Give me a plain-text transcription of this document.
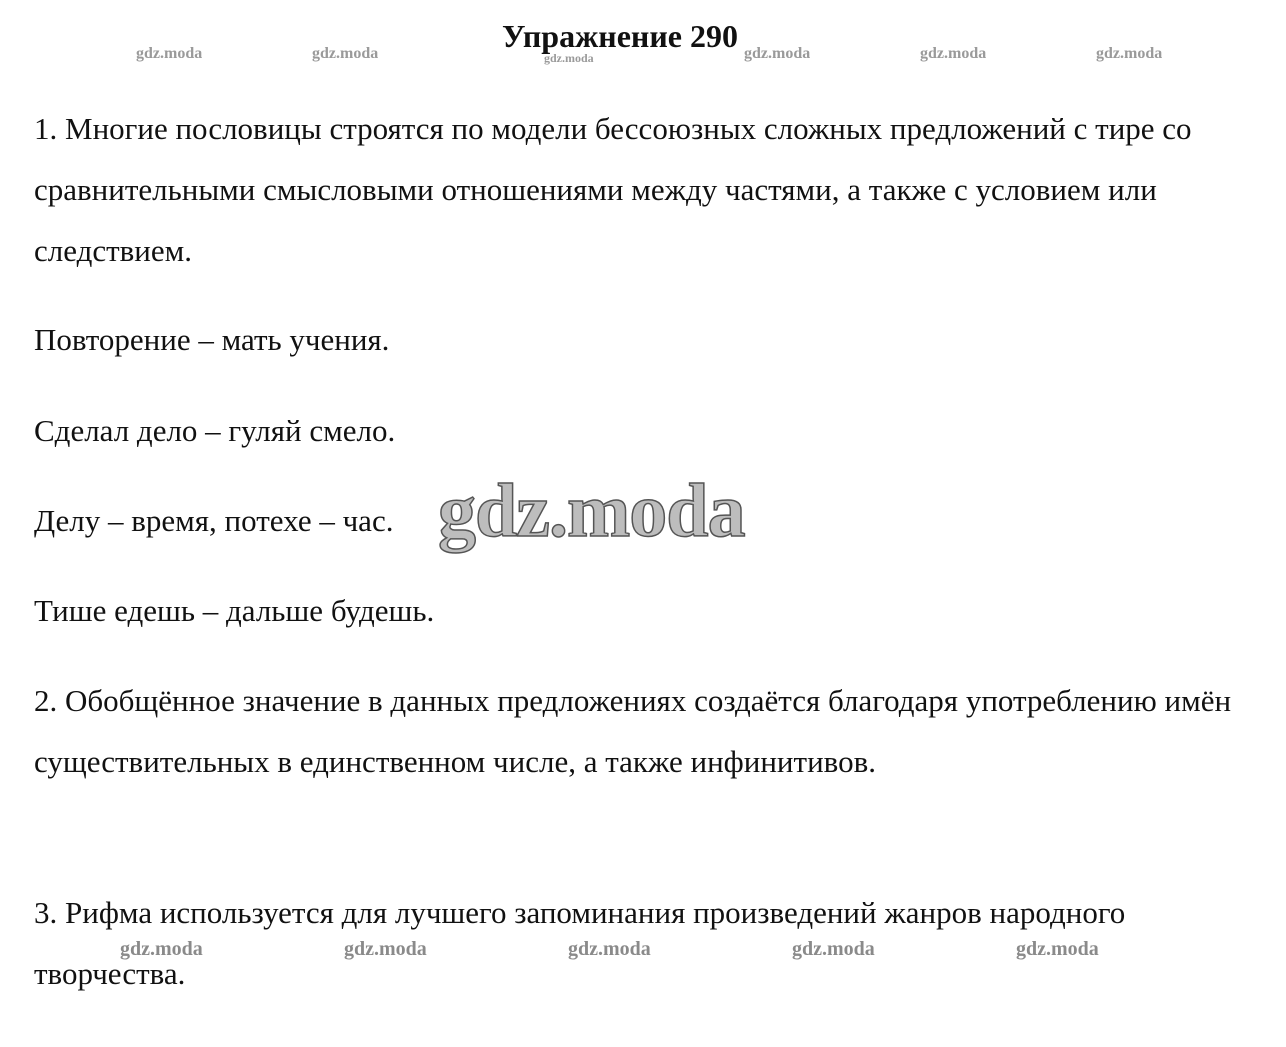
Упражнение 290
gdz.moda	gdz.moda	gdz.moda	gdz.moda	gdz.moda	gdz.moda

1. Многие пословицы строятся по модели бессоюзных сложных предложений с тире со сравнительными смысловыми отношениями между частями, а также с условием или следствием.

Повторение – мать учения.

Сделал дело – гуляй смело.

Делу – время, потехе – час.

Тише едешь – дальше будешь.

2. Обобщённое значение в данных предложениях создаётся благодаря употреблению имён существительных в единственном числе, а также инфинитивов.

3. Рифма используется для лучшего запоминания произведений жанров народного творчества.

gdz.moda
gdz.moda	gdz.moda	gdz.moda	gdz.moda	gdz.moda
